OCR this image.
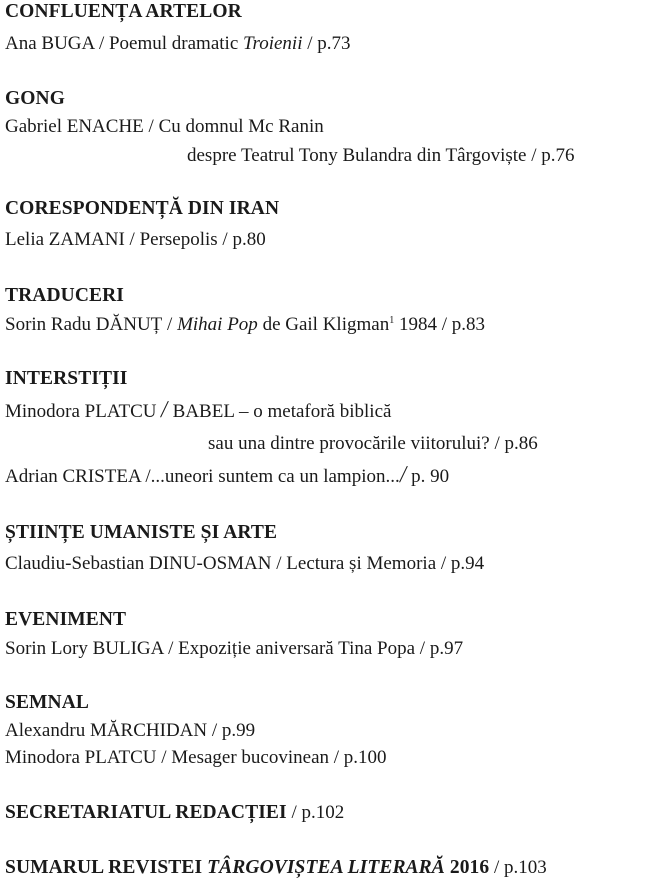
CONFLUENȚA ARTELOR
Ana BUGA / Poemul dramatic Troienii / p.73
GONG
Gabriel ENACHE / Cu domnul Mc Ranin
despre Teatrul Tony Bulandra din Târgoviște / p.76
CORESPONDENȚĂ DIN IRAN
Lelia ZAMANI / Persepolis / p.80
TRADUCERI
Sorin Radu DĂNUȚ / Mihai Pop de Gail Kligman$^1$ 1984 / p.83
INTERSTIȚII
Minodora PLATCU / BABEL – o metaforă biblică
sau una dintre provocările viitorului? / p.86
Adrian CRISTEA /...uneori suntem ca un lampion.../ p. 90
ȘTIINȚE UMANISTE ȘI ARTE
Claudiu-Sebastian DINU-OSMAN / Lectura și Memoria / p.94
EVENIMENT
Sorin Lory BULIGA / Expoziție aniversară Tina Popa / p.97
SEMNAL
Alexandru MĂRCHIDAN / p.99
Minodora PLATCU / Mesager bucovinean / p.100
SECRETARIATUL REDACȚIEI / p.102
SUMARUL REVISTEI TÂRGOVIȘTEA LITERARĂ 2016 / p.103
